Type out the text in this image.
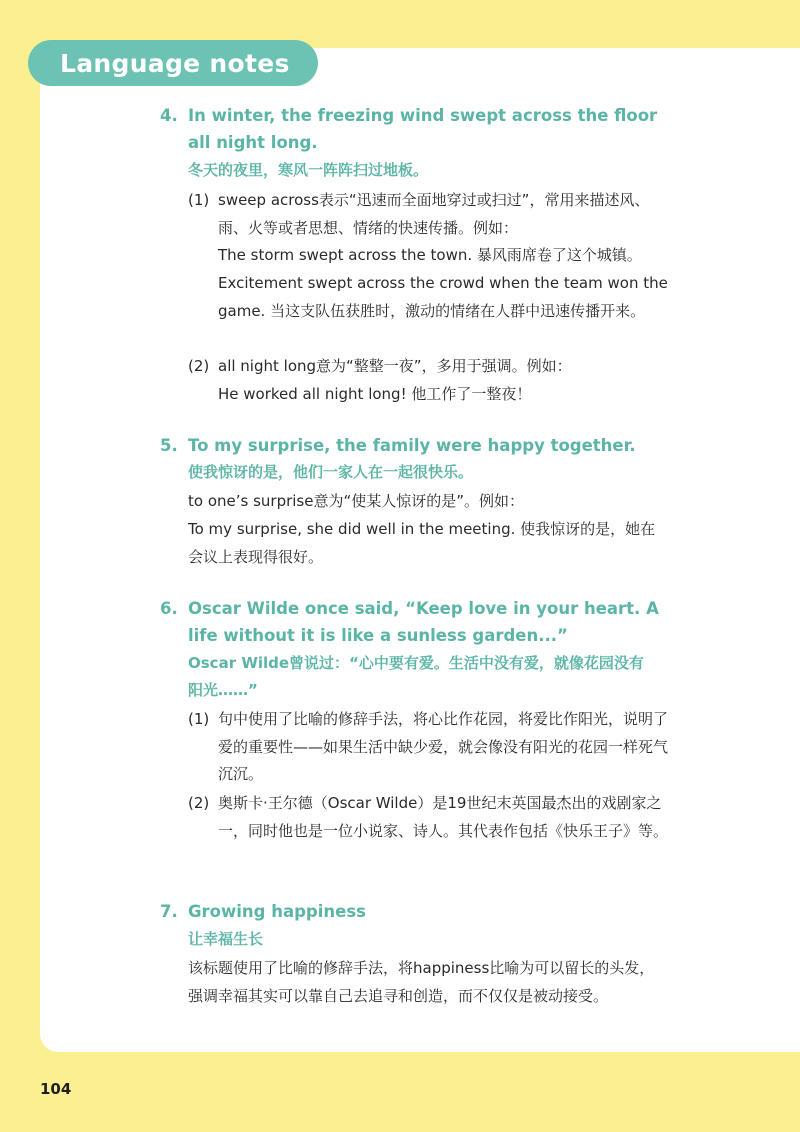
Language notes
4. In winter, the freezing wind swept across the floor all night long.
冬天的夜里，寒风一阵阵扫过地板。
(1) sweep across表示“迅速而全面地穿过或扫过”，常用来描述风、雨、火等或者思想、情绪的快速传播。例如：
The storm swept across the town. 暴风雨席卷了这个城镇。
Excitement swept across the crowd when the team won the game. 当这支队伍获胜时，激动的情绪在人群中迅速传播开来。
(2) all night long意为“整整一夜”，多用于强调。例如：
He worked all night long! 他工作了一整夜！
5. To my surprise, the family were happy together.
使我惊讶的是，他们一家人在一起很快乐。
to one’s surprise意为“使某人惊讶的是”。例如：
To my surprise, she did well in the meeting. 使我惊讶的是，她在会议上表现得很好。
6. Oscar Wilde once said, “Keep love in your heart. A life without it is like a sunless garden...”
Oscar Wilde曾说过：“心中要有爱。生活中没有爱，就像花园没有阳光……”
(1) 句中使用了比喻的修辞手法，将心比作花园，将爱比作阳光，说明了爱的重要性——如果生活中缺少爱，就会像没有阳光的花园一样死气沉沉。
(2) 奥斯卡·王尔德（Oscar Wilde）是19世纪末英国最杰出的戏剧家之一，同时他也是一位小说家、诗人。其代表作包括《快乐王子》等。
7. Growing happiness
让幸福生长
该标题使用了比喻的修辞手法，将happiness比喻为可以留长的头发，强调幸福其实可以靠自己去追寻和创造，而不仅仅是被动接受。
104
